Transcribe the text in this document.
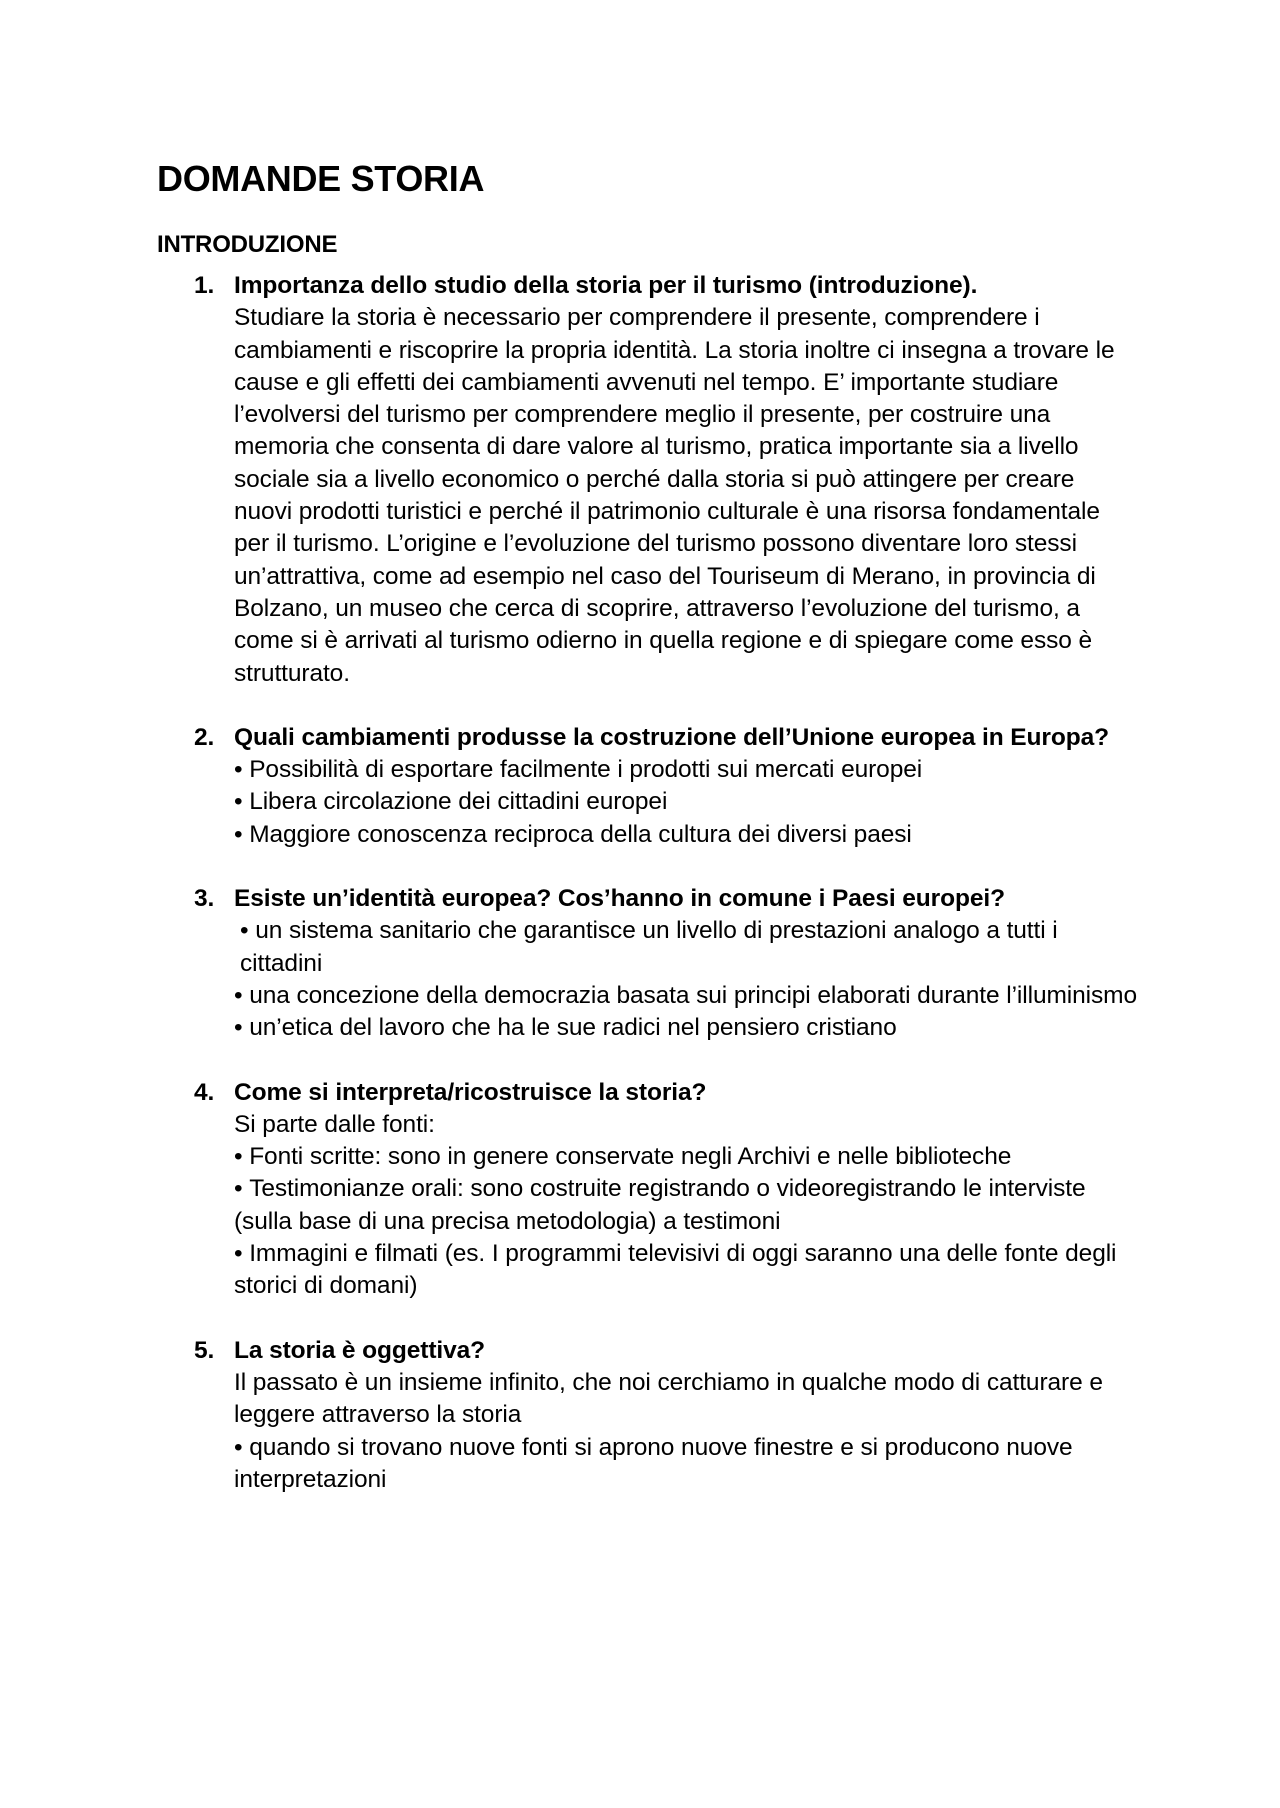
DOMANDE STORIA
INTRODUZIONE
1. Importanza dello studio della storia per il turismo (introduzione).
Studiare la storia è necessario per comprendere il presente, comprendere i cambiamenti e riscoprire la propria identità. La storia inoltre ci insegna a trovare le cause e gli effetti dei cambiamenti avvenuti nel tempo. E’ importante studiare l’evolversi del turismo per comprendere meglio il presente, per costruire una memoria che consenta di dare valore al turismo, pratica importante sia a livello sociale sia a livello economico o perché dalla storia si può attingere per creare nuovi prodotti turistici e perché il patrimonio culturale è una risorsa fondamentale per il turismo. L’origine e l’evoluzione del turismo possono diventare loro stessi un’attrattiva, come ad esempio nel caso del Touriseum di Merano, in provincia di Bolzano, un museo che cerca di scoprire, attraverso l’evoluzione del turismo, a come si è arrivati al turismo odierno in quella regione e di spiegare come esso è strutturato.
2. Quali cambiamenti produsse la costruzione dell’Unione europea in Europa?
• Possibilità di esportare facilmente i prodotti sui mercati europei
• Libera circolazione dei cittadini europei
• Maggiore conoscenza reciproca della cultura dei diversi paesi
3. Esiste un’identità europea? Cos’hanno in comune i Paesi europei?
• un sistema sanitario che garantisce un livello di prestazioni analogo a tutti i cittadini
• una concezione della democrazia basata sui principi elaborati durante l’illuminismo
• un’etica del lavoro che ha le sue radici nel pensiero cristiano
4. Come si interpreta/ricostruisce la storia?
Si parte dalle fonti:
• Fonti scritte: sono in genere conservate negli Archivi e nelle biblioteche
• Testimonianze orali: sono costruite registrando o videoregistrando le interviste (sulla base di una precisa metodologia) a testimoni
• Immagini e filmati (es. I programmi televisivi di oggi saranno una delle fonte degli storici di domani)
5. La storia è oggettiva?
Il passato è un insieme infinito, che noi cerchiamo in qualche modo di catturare e leggere attraverso la storia
• quando si trovano nuove fonti si aprono nuove finestre e si producono nuove interpretazioni
